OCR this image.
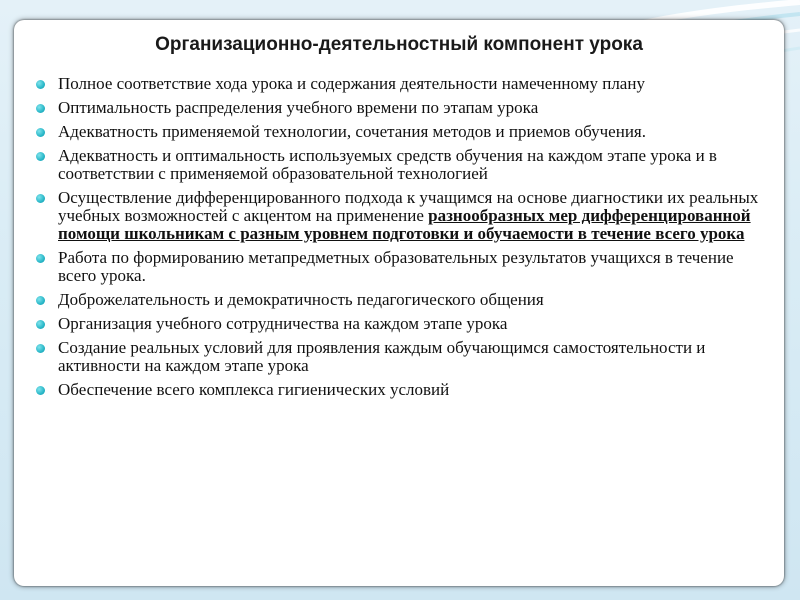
Организационно-деятельностный компонент урока
Полное соответствие хода урока и содержания деятельности намеченному плану
Оптимальность распределения учебного времени по этапам урока
Адекватность применяемой технологии, сочетания методов и приемов обучения.
Адекватность и оптимальность используемых средств обучения на каждом этапе урока и в соответствии с применяемой образовательной технологией
Осуществление дифференцированного подхода к учащимся на основе диагностики их реальных учебных возможностей с акцентом на применение разнообразных мер дифференцированной помощи школьникам с разным уровнем подготовки и обучаемости в течение всего урока
Работа по формированию метапредметных образовательных результатов учащихся в течение всего урока.
Доброжелательность и демократичность педагогического общения
Организация учебного сотрудничества на каждом этапе урока
Создание реальных условий для проявления каждым обучающимся самостоятельности и активности на каждом этапе урока
Обеспечение всего комплекса гигиенических условий
